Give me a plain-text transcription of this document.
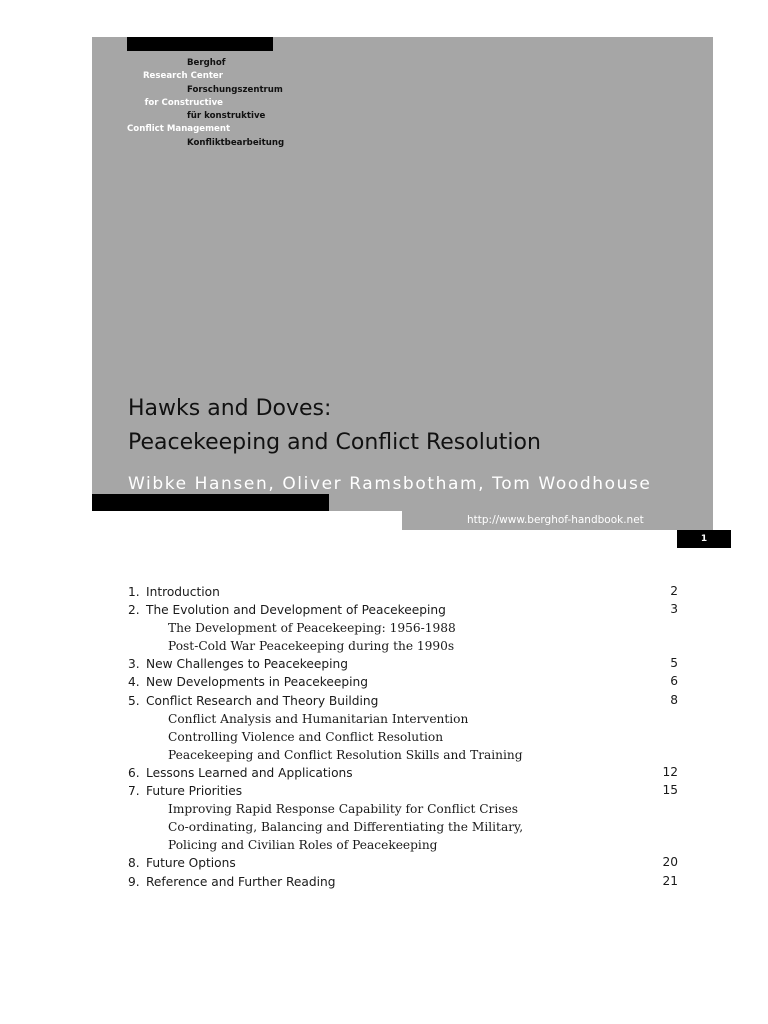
Berghof
Forschungszentrum
für konstruktive
Konfliktbearbeitung
Research Center
for Constructive
Conflict Management
Hawks and Doves:
Peacekeeping and Conflict Resolution
Wibke Hansen, Oliver Ramsbotham, Tom Woodhouse
http://www.berghof-handbook.net
1
1. Introduction	2
2. The Evolution and Development of Peacekeeping	3
The Development of Peacekeeping: 1956-1988
Post-Cold War Peacekeeping during the 1990s
3. New Challenges to Peacekeeping	5
4. New Developments in Peacekeeping	6
5. Conflict Research and Theory Building	8
Conflict Analysis and Humanitarian Intervention
Controlling Violence and Conflict Resolution
Peacekeeping and Conflict Resolution Skills and Training
6. Lessons Learned and Applications	12
7. Future Priorities	15
Improving Rapid Response Capability for Conflict Crises
Co-ordinating, Balancing and Differentiating the Military,
Policing and Civilian Roles of Peacekeeping
8. Future Options	20
9. Reference and Further Reading	21
